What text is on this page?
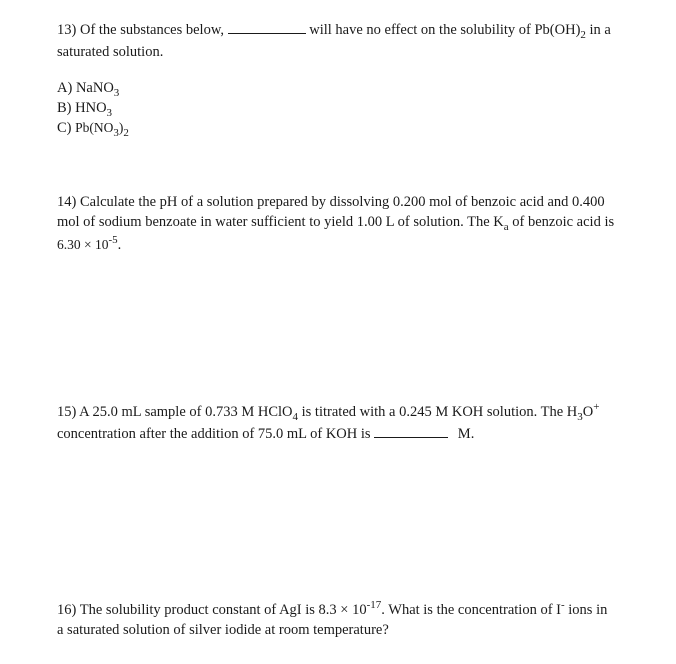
13) Of the substances below,	will have no effect on the solubility of $Pb(OH)_2$ in a
saturated solution.
A) NaNO$_3$
B) $HNO_3$
C) $Pb(NO_3)_2$
14) Calculate the pH of a solution prepared by dissolving 0.200 mol of benzoic acid and 0.400
mol of sodium benzoate in water sufficient to yield 1.00 L of solution. The $K_a$ of benzoic acid is
$6.30 \times 10^{-5}$.
15) A 25.0 mL sample of 0.733 M HClO$_4$ is titrated with a 0.245 M KOH solution. The $H_3O^+$
concentration after the addition of 75.0 mL of KOH is	M.
16) The solubility product constant of AgI is $8.3 \times 10^{-17}$. What is the concentration of I- ions in
a saturated solution of silver iodide at room temperature?
